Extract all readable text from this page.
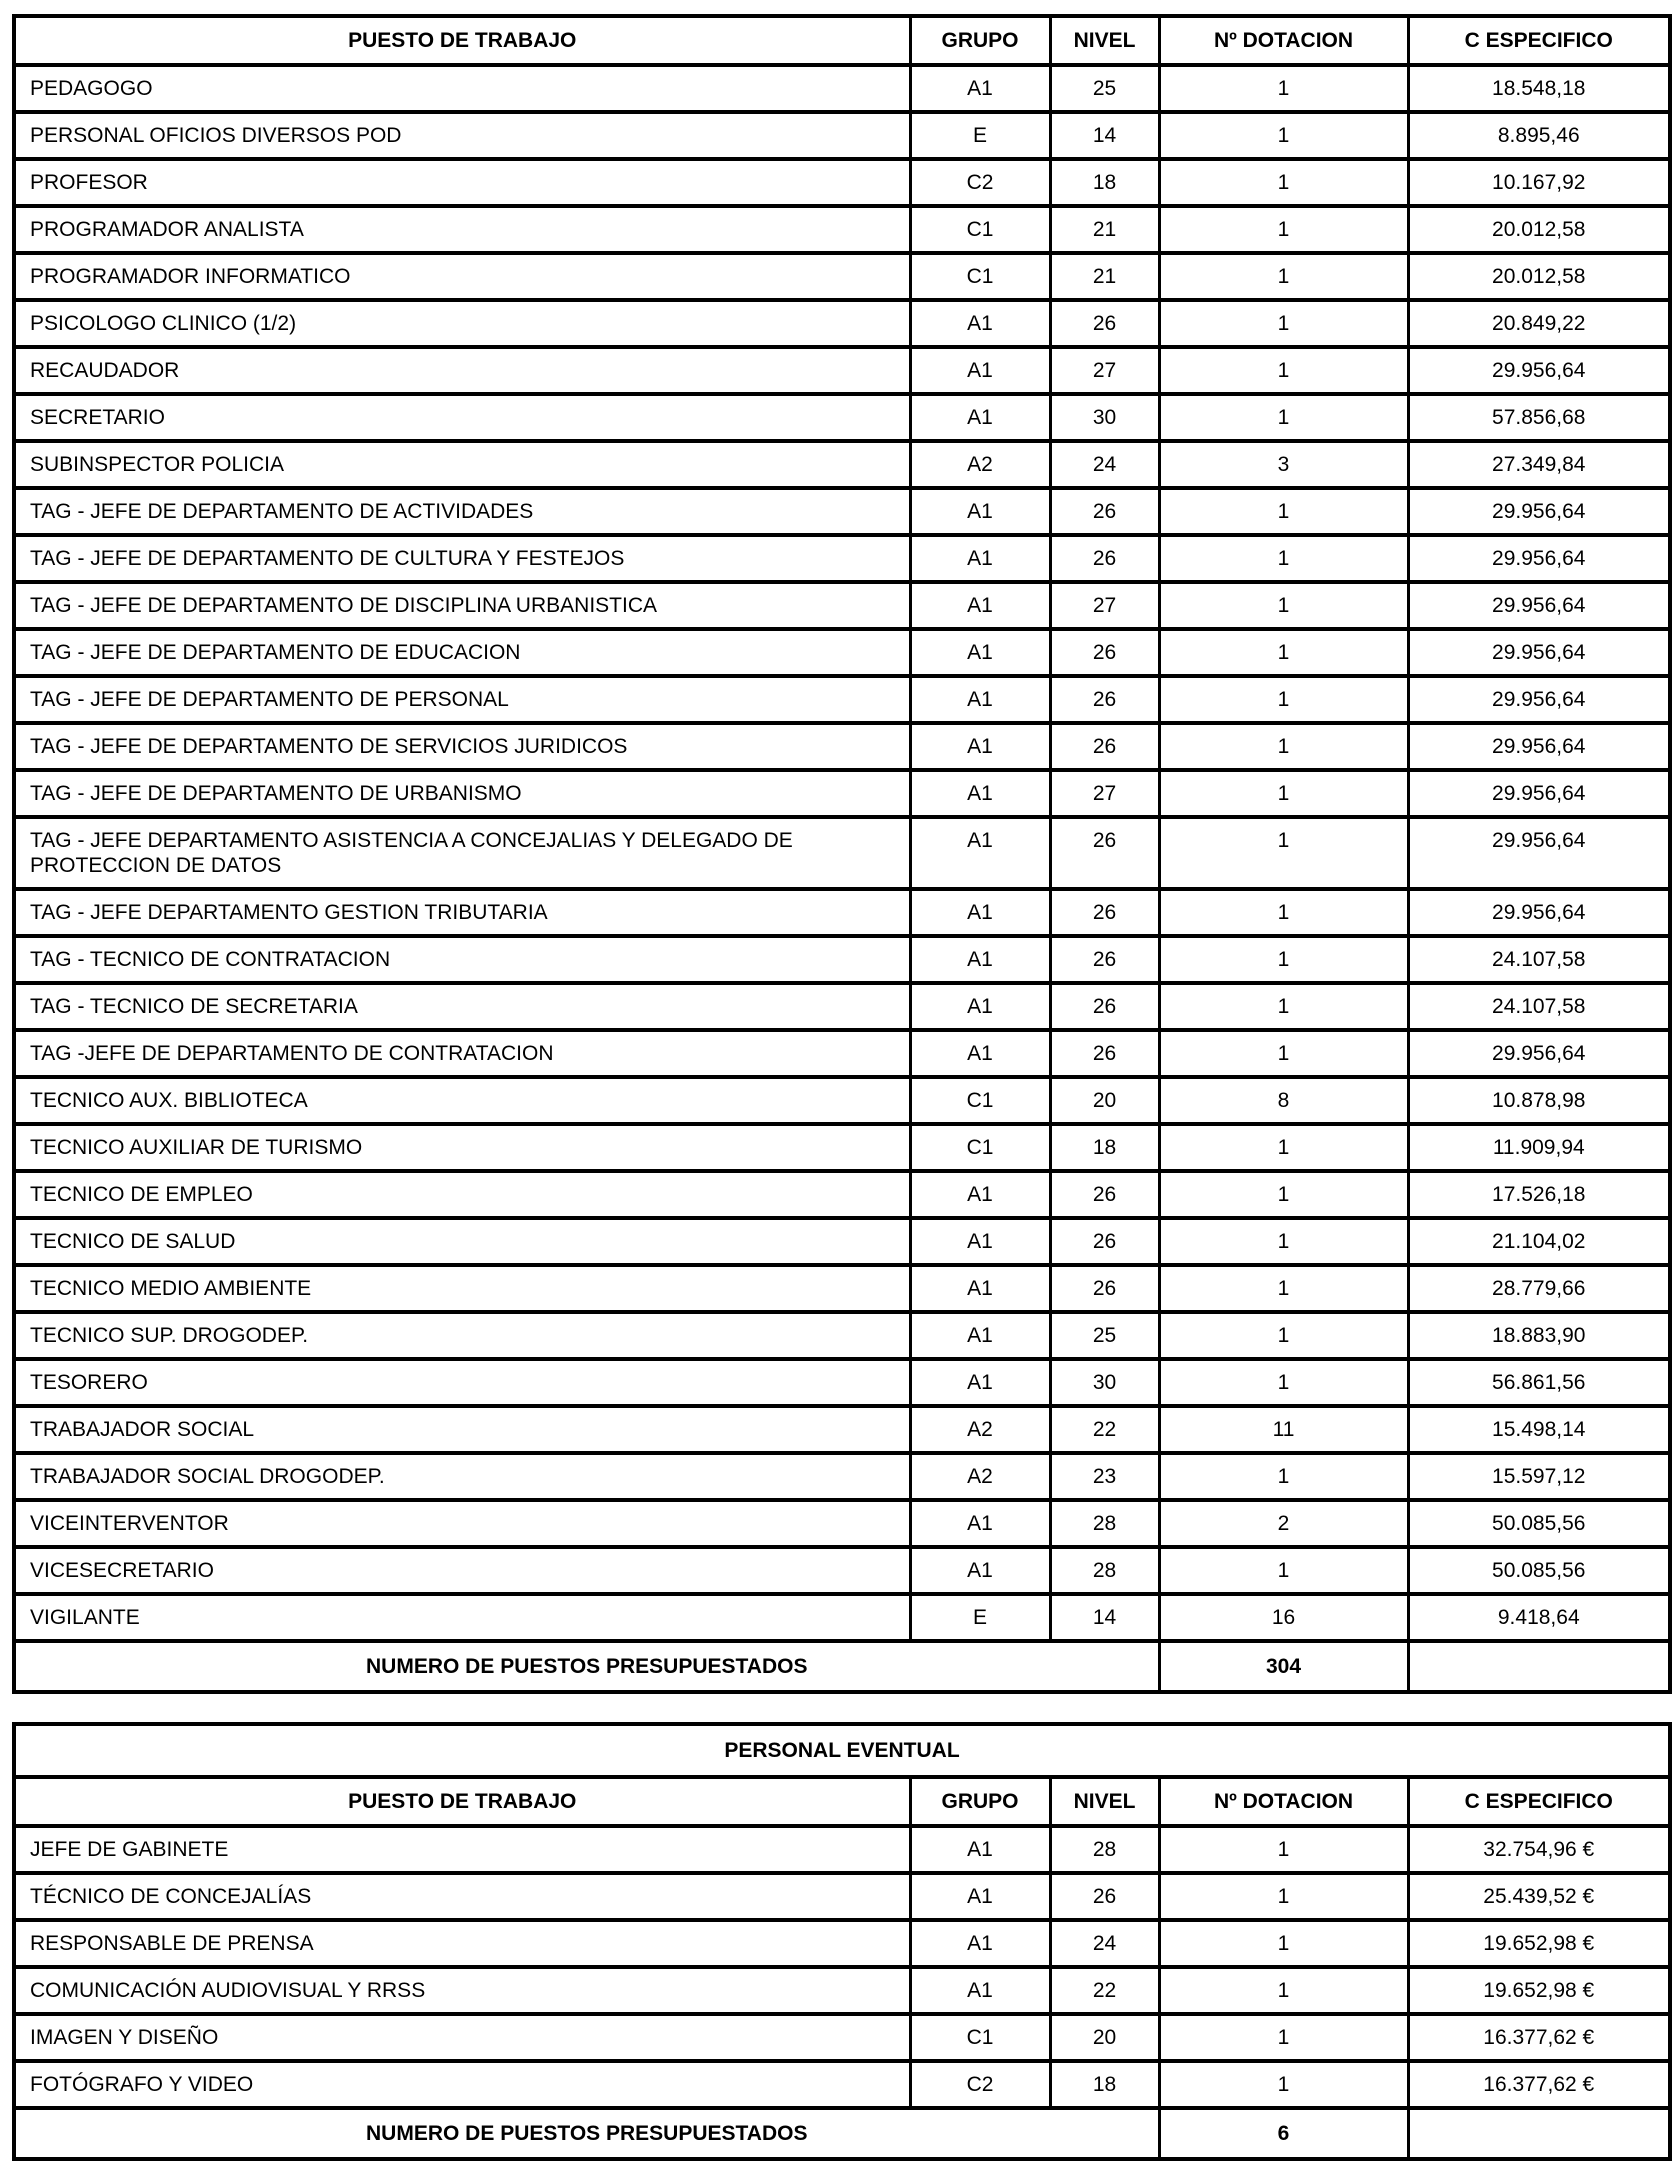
PUESTO DE TRABAJO	GRUPO	NIVEL	Nº DOTACION	C ESPECIFICO
PEDAGOGO	A1	25	1	18.548,18
PERSONAL OFICIOS DIVERSOS POD	E	14	1	8.895,46
PROFESOR	C2	18	1	10.167,92
PROGRAMADOR ANALISTA	C1	21	1	20.012,58
PROGRAMADOR INFORMATICO	C1	21	1	20.012,58
PSICOLOGO CLINICO (1/2)	A1	26	1	20.849,22
RECAUDADOR	A1	27	1	29.956,64
SECRETARIO	A1	30	1	57.856,68
SUBINSPECTOR POLICIA	A2	24	3	27.349,84
TAG - JEFE DE DEPARTAMENTO DE ACTIVIDADES	A1	26	1	29.956,64
TAG - JEFE DE DEPARTAMENTO DE CULTURA Y FESTEJOS	A1	26	1	29.956,64
TAG - JEFE DE DEPARTAMENTO DE DISCIPLINA URBANISTICA	A1	27	1	29.956,64
TAG - JEFE DE DEPARTAMENTO DE EDUCACION	A1	26	1	29.956,64
TAG - JEFE DE DEPARTAMENTO DE PERSONAL	A1	26	1	29.956,64
TAG - JEFE DE DEPARTAMENTO DE SERVICIOS JURIDICOS	A1	26	1	29.956,64
TAG - JEFE DE DEPARTAMENTO DE URBANISMO	A1	27	1	29.956,64
TAG - JEFE DEPARTAMENTO ASISTENCIA A CONCEJALIAS Y DELEGADO DE PROTECCION DE DATOS	A1	26	1	29.956,64
TAG - JEFE DEPARTAMENTO GESTION TRIBUTARIA	A1	26	1	29.956,64
TAG - TECNICO DE CONTRATACION	A1	26	1	24.107,58
TAG - TECNICO DE SECRETARIA	A1	26	1	24.107,58
TAG -JEFE DE DEPARTAMENTO DE CONTRATACION	A1	26	1	29.956,64
TECNICO AUX. BIBLIOTECA	C1	20	8	10.878,98
TECNICO AUXILIAR DE TURISMO	C1	18	1	11.909,94
TECNICO DE EMPLEO	A1	26	1	17.526,18
TECNICO DE SALUD	A1	26	1	21.104,02
TECNICO MEDIO AMBIENTE	A1	26	1	28.779,66
TECNICO SUP. DROGODEP.	A1	25	1	18.883,90
TESORERO	A1	30	1	56.861,56
TRABAJADOR SOCIAL	A2	22	11	15.498,14
TRABAJADOR SOCIAL DROGODEP.	A2	23	1	15.597,12
VICEINTERVENTOR	A1	28	2	50.085,56
VICESECRETARIO	A1	28	1	50.085,56
VIGILANTE	E	14	16	9.418,64
NUMERO DE PUESTOS PRESUPUESTADOS			304	
PERSONAL EVENTUAL				
PUESTO DE TRABAJO	GRUPO	NIVEL	Nº DOTACION	C ESPECIFICO
JEFE DE GABINETE	A1	28	1	32.754,96 €
TÉCNICO DE CONCEJALÍAS	A1	26	1	25.439,52 €
RESPONSABLE DE PRENSA	A1	24	1	19.652,98 €
COMUNICACIÓN AUDIOVISUAL Y RRSS	A1	22	1	19.652,98 €
IMAGEN Y DISEÑO	C1	20	1	16.377,62 €
FOTÓGRAFO Y VIDEO	C2	18	1	16.377,62 €
NUMERO DE PUESTOS PRESUPUESTADOS			6	
